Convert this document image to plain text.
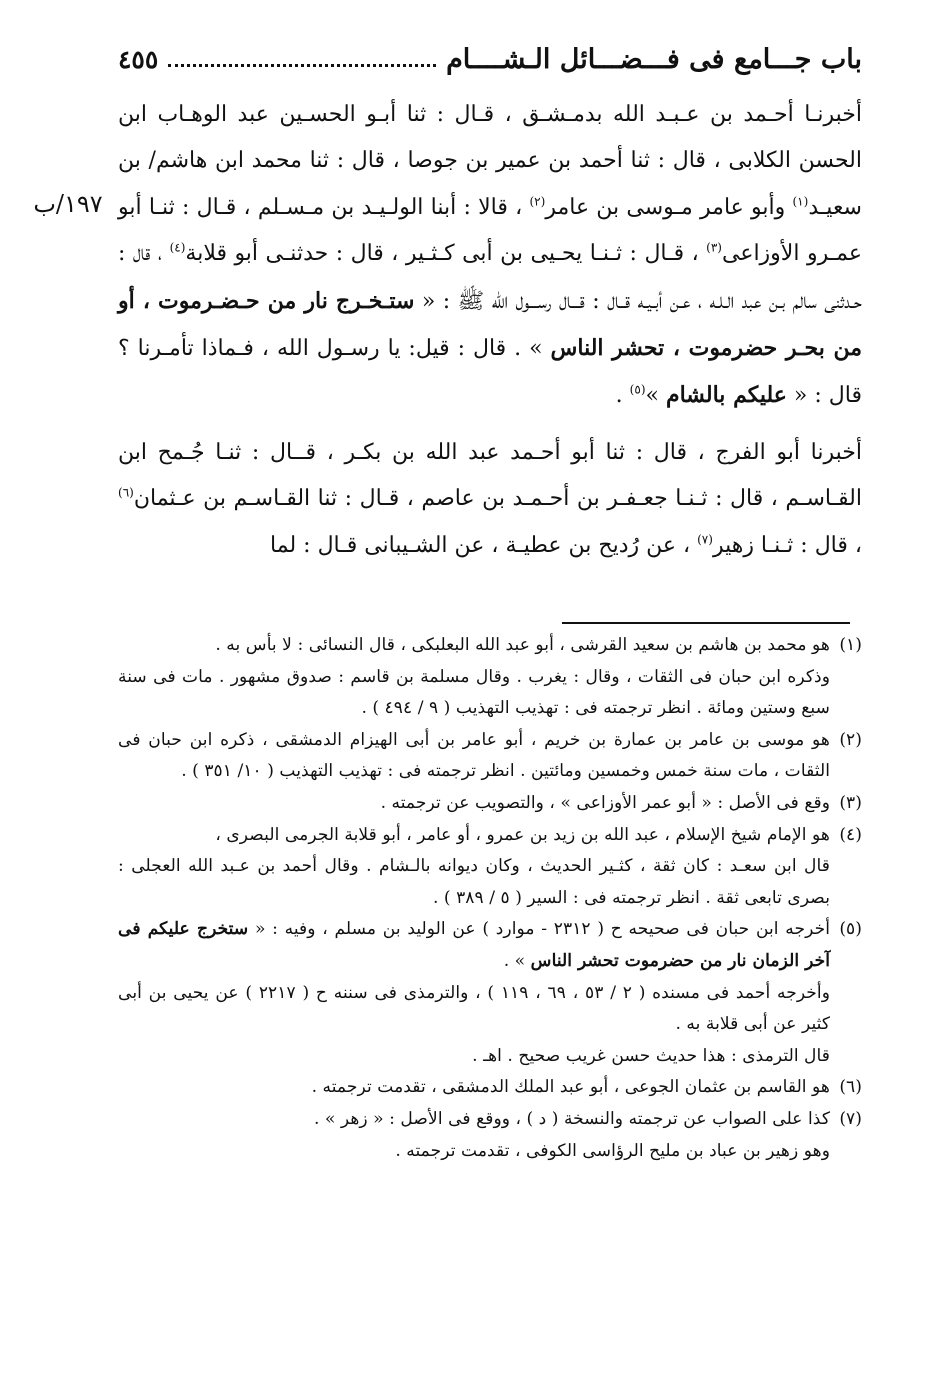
باب جـــامع فى فـــضـــائل الـشــــام
٤٥٥
١٩٧/ب

أخبرنـا أحـمد بن عـبـد الله بدمـشـق ، قـال : ثنا أبـو الحسـين عبد الوهـاب ابن الحسن الكلابى ، قال : ثنا أحمد بن عمير بن جوصا ، قال : ثنا محمد ابن هاشم/ بن سعيـد$^{(١)}$ وأبو عامر مـوسى بن عامر$^{(٢)}$ ، قالا : أبنا الولـيـد بن مـسـلم ، قـال : ثنـا أبو عمـرو الأوزاعى$^{(٣)}$ ، قـال : ثـنـا يحـيى بن أبى كـثـير ، قال : حدثنـى أبو قلابة$^{(٤)}$ ، قال : حـدثنى سالم بـن عبد الـلـه ، عـن أبـيـه قــال : قـــال رســـول الله ﷺ : « ستـخـرج نار من حـضـرموت ، أو من بحـر حضرموت ، تحشر الناس » . قال : قيل: يا رسـول الله ، فـماذا تأمـرنا ؟ قال : « عليكم بالشام »$^{(٥)}$ .

أخبرنا أبو الفرج ، قال : ثنا أبو أحـمد عبد الله بن بكـر ، قــال : ثنـا جُـمح ابن القـاسـم ، قال : ثـنـا جعـفـر بن أحـمـد بن عاصم ، قـال : ثنا القـاسـم بن عـثمان$^{(٦)}$ ، قال : ثـنـا زهير$^{(٧)}$ ، عن رُديح بن عطيـة ، عن الشـيبانى قـال : لما

(١)
هو محمد بن هاشم بن سعيد القرشى ، أبو عبد الله البعلبكى ، قال النسائى : لا بأس به .
وذكره ابن حبان فى الثقات ، وقال : يغرب . وقال مسلمة بن قاسم : صدوق مشهور . مات فى سنة سبع وستين ومائة . انظر ترجمته فى : تهذيب التهذيب ( ٩ / ٤٩٤ ) .
(٢)
هو موسى بن عامر بن عمارة بن خريم ، أبو عامر بن أبى الهيزام الدمشقى ، ذكره ابن حبان فى الثقات ، مات سنة خمس وخمسين ومائتين . انظر ترجمته فى : تهذيب التهذيب ( ١٠/ ٣٥١ ) .
(٣)
وقع فى الأصل : « أبو عمر الأوزاعى » ، والتصويب عن ترجمته .
(٤)
هو الإمام شيخ الإسلام ، عبد الله بن زيد بن عمرو ، أو عامر ، أبو قلابة الجرمى البصرى ،
قال ابن سعـد : كان ثقة ، كثـير الحديث ، وكان ديوانه بالـشام . وقال أحمد بن عـبد الله العجلى : بصرى تابعى ثقة . انظر ترجمته فى : السير ( ٥ / ٣٨٩ ) .
(٥)
أخرجه ابن حبان فى صحيحه ح ( ٢٣١٢ - موارد ) عن الوليد بن مسلم ، وفيه : « ستخرج عليكم فى آخر الزمان نار من حضرموت تحشر الناس » .
وأخرجه أحمد فى مسنده ( ٢ / ٥٣ ، ٦٩ ، ١١٩ ) ، والترمذى فى سننه ح ( ٢٢١٧ ) عن يحيى بن أبى كثير عن أبى قلابة به .
قال الترمذى : هذا حديث حسن غريب صحيح . اهـ .
(٦)
هو القاسم بن عثمان الجوعى ، أبو عبد الملك الدمشقى ، تقدمت ترجمته .
(٧)
كذا على الصواب عن ترجمته والنسخة ( د ) ، ووقع فى الأصل : « زهر » .
وهو زهير بن عباد بن مليح الرؤاسى الكوفى ، تقدمت ترجمته .
